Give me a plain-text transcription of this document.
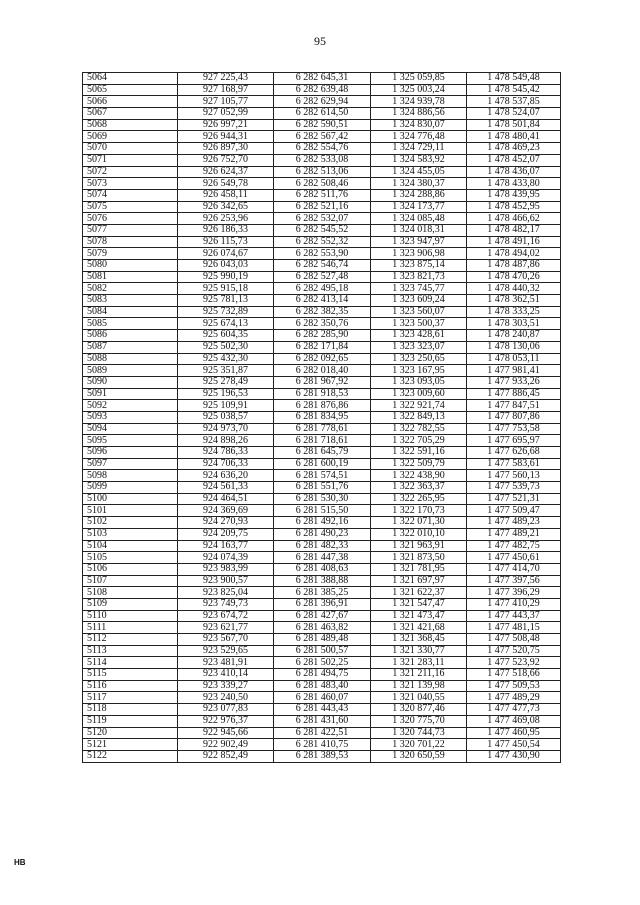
95
5064	927 225,43	6 282 645,31	1 325 059,85	1 478 549,48
5065	927 168,97	6 282 639,48	1 325 003,24	1 478 545,42
5066	927 105,77	6 282 629,94	1 324 939,78	1 478 537,85
5067	927 052,99	6 282 614,50	1 324 886,56	1 478 524,07
5068	926 997,21	6 282 590,51	1 324 830,07	1 478 501,84
5069	926 944,31	6 282 567,42	1 324 776,48	1 478 480,41
5070	926 897,30	6 282 554,76	1 324 729,11	1 478 469,23
5071	926 752,70	6 282 533,08	1 324 583,92	1 478 452,07
5072	926 624,37	6 282 513,06	1 324 455,05	1 478 436,07
5073	926 549,78	6 282 508,46	1 324 380,37	1 478 433,80
5074	926 458,11	6 282 511,76	1 324 288,86	1 478 439,95
5075	926 342,65	6 282 521,16	1 324 173,77	1 478 452,95
5076	926 253,96	6 282 532,07	1 324 085,48	1 478 466,62
5077	926 186,33	6 282 545,52	1 324 018,31	1 478 482,17
5078	926 115,73	6 282 552,32	1 323 947,97	1 478 491,16
5079	926 074,67	6 282 553,90	1 323 906,98	1 478 494,02
5080	926 043,03	6 282 546,74	1 323 875,14	1 478 487,86
5081	925 990,19	6 282 527,48	1 323 821,73	1 478 470,26
5082	925 915,18	6 282 495,18	1 323 745,77	1 478 440,32
5083	925 781,13	6 282 413,14	1 323 609,24	1 478 362,51
5084	925 732,89	6 282 382,35	1 323 560,07	1 478 333,25
5085	925 674,13	6 282 350,76	1 323 500,37	1 478 303,51
5086	925 604,35	6 282 285,90	1 323 428,61	1 478 240,87
5087	925 502,30	6 282 171,84	1 323 323,07	1 478 130,06
5088	925 432,30	6 282 092,65	1 323 250,65	1 478 053,11
5089	925 351,87	6 282 018,40	1 323 167,95	1 477 981,41
5090	925 278,49	6 281 967,92	1 323 093,05	1 477 933,26
5091	925 196,53	6 281 918,53	1 323 009,60	1 477 886,45
5092	925 109,91	6 281 876,86	1 322 921,74	1 477 847,51
5093	925 038,57	6 281 834,95	1 322 849,13	1 477 807,86
5094	924 973,70	6 281 778,61	1 322 782,55	1 477 753,58
5095	924 898,26	6 281 718,61	1 322 705,29	1 477 695,97
5096	924 786,33	6 281 645,79	1 322 591,16	1 477 626,68
5097	924 706,33	6 281 600,19	1 322 509,79	1 477 583,61
5098	924 636,20	6 281 574,51	1 322 438,90	1 477 560,13
5099	924 561,33	6 281 551,76	1 322 363,37	1 477 539,73
5100	924 464,51	6 281 530,30	1 322 265,95	1 477 521,31
5101	924 369,69	6 281 515,50	1 322 170,73	1 477 509,47
5102	924 270,93	6 281 492,16	1 322 071,30	1 477 489,23
5103	924 209,75	6 281 490,23	1 322 010,10	1 477 489,21
5104	924 163,77	6 281 482,33	1 321 963,91	1 477 482,75
5105	924 074,39	6 281 447,38	1 321 873,50	1 477 450,61
5106	923 983,99	6 281 408,63	1 321 781,95	1 477 414,70
5107	923 900,57	6 281 388,88	1 321 697,97	1 477 397,56
5108	923 825,04	6 281 385,25	1 321 622,37	1 477 396,29
5109	923 749,73	6 281 396,91	1 321 547,47	1 477 410,29
5110	923 674,72	6 281 427,67	1 321 473,47	1 477 443,37
5111	923 621,77	6 281 463,82	1 321 421,68	1 477 481,15
5112	923 567,70	6 281 489,48	1 321 368,45	1 477 508,48
5113	923 529,65	6 281 500,57	1 321 330,77	1 477 520,75
5114	923 481,91	6 281 502,25	1 321 283,11	1 477 523,92
5115	923 410,14	6 281 494,75	1 321 211,16	1 477 518,66
5116	923 339,27	6 281 483,40	1 321 139,98	1 477 509,53
5117	923 240,50	6 281 460,07	1 321 040,55	1 477 489,29
5118	923 077,83	6 281 443,43	1 320 877,46	1 477 477,73
5119	922 976,37	6 281 431,60	1 320 775,70	1 477 469,08
5120	922 945,66	6 281 422,51	1 320 744,73	1 477 460,95
5121	922 902,49	6 281 410,75	1 320 701,22	1 477 450,54
5122	922 852,49	6 281 389,53	1 320 650,59	1 477 430,90
HB
